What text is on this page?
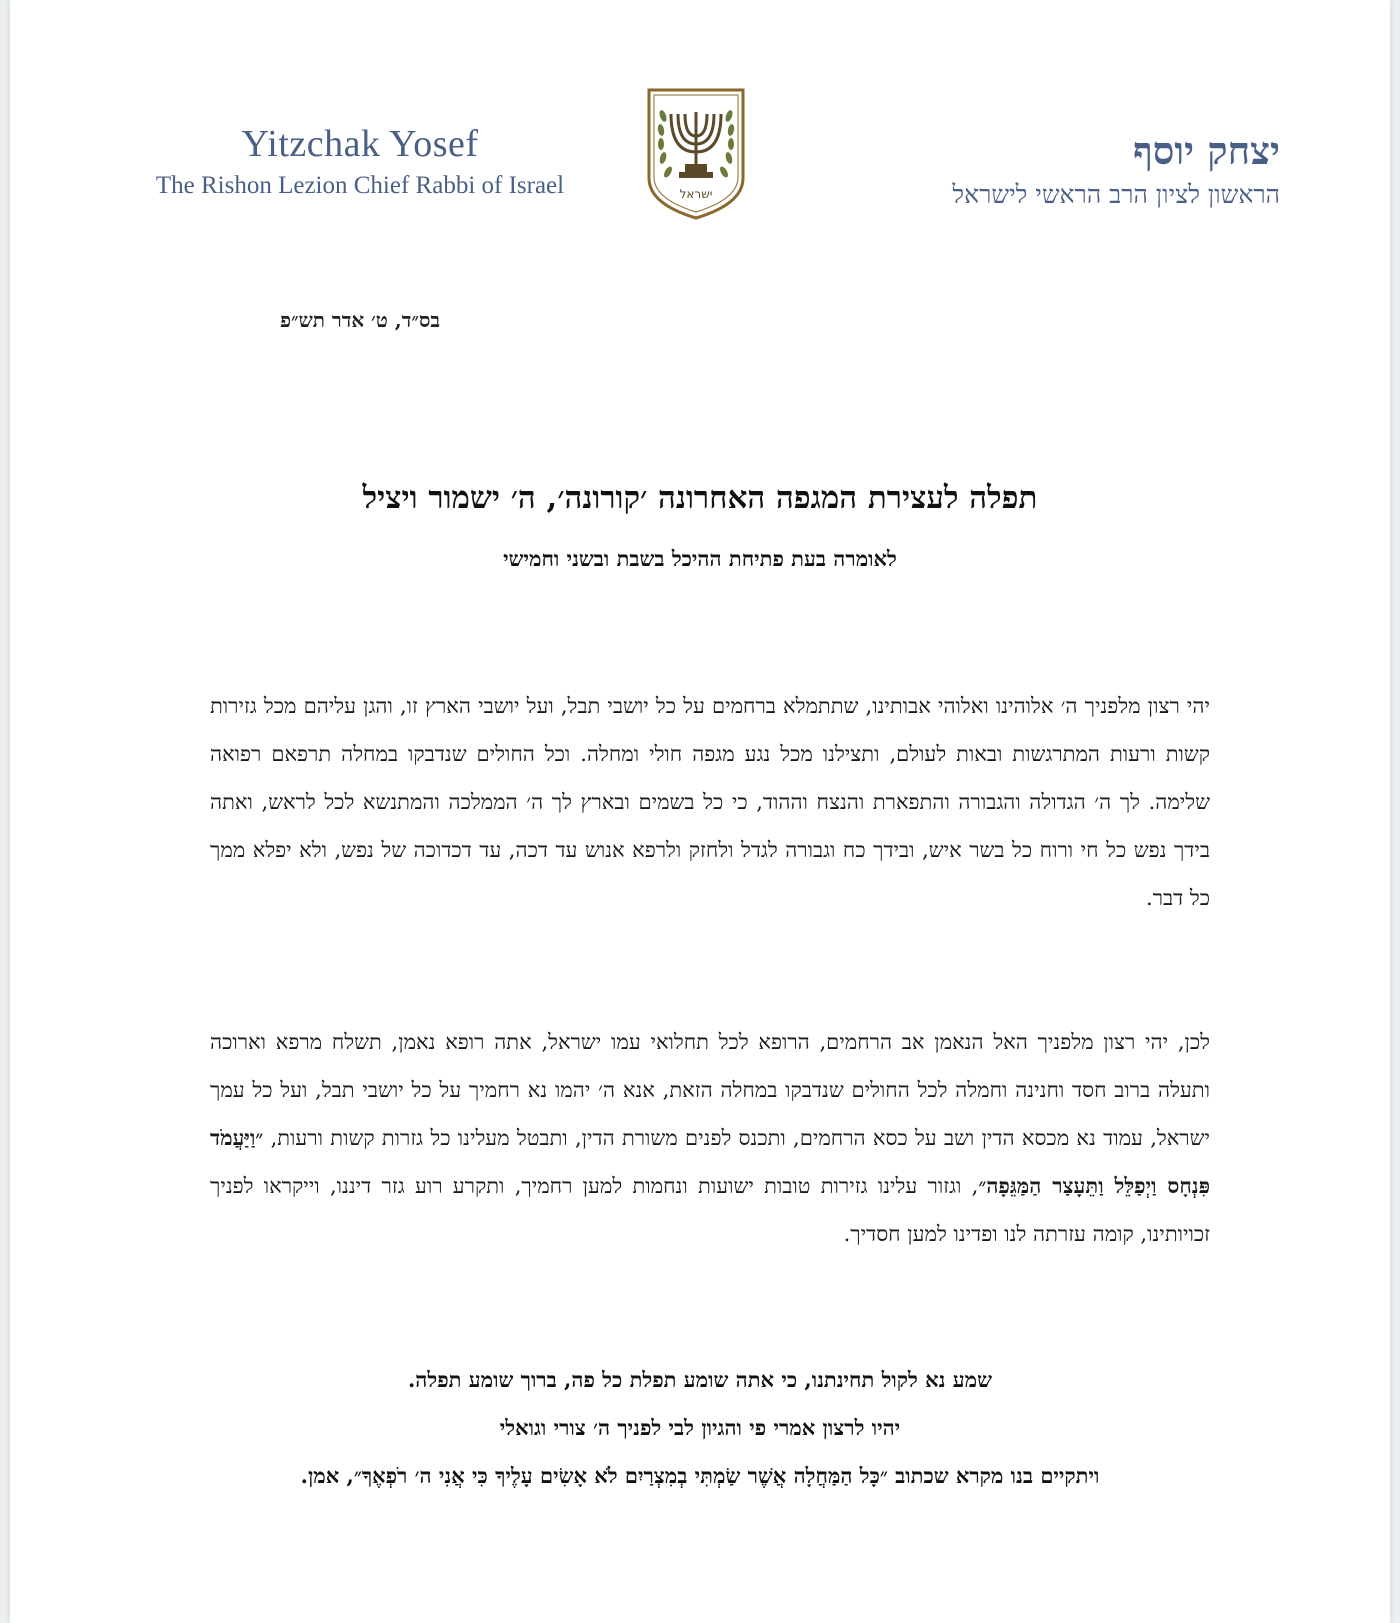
Yitzchak Yosef
The Rishon Lezion Chief Rabbi of Israel	ישראל
יצחק יוסף
הראשון לציון הרב הראשי לישראל
בס״ד, ט׳ אדר תש״פ
תפלה לעצירת המגפה האחרונה ׳קורונה׳, ה׳ ישמור ויציל
לאומרה בעת פתיחת ההיכל בשבת ובשני וחמישי
יהי רצון מלפניך ה׳ אלוהינו ואלוהי אבותינו, שתתמלא ברחמים על כל יושבי תבל, ועל יושבי הארץ זו, והגן עליהם מכל גזירות קשות ורעות המתרגשות ובאות לעולם, ותצילנו מכל נגע מגפה חולי ומחלה. וכל החולים שנדבקו במחלה תרפאם רפואה שלימה. לך ה׳ הגדולה והגבורה והתפארת והנצח וההוד, כי כל בשמים ובארץ לך ה׳ הממלכה והמתנשא לכל לראש, ואתה בידך נפש כל חי ורוח כל בשר איש, ובידך כח וגבורה לגדל ולחזק ולרפא אנוש עד דכה, עד דכדוכה של נפש, ולא יפלא ממך כל דבר.
לכן, יהי רצון מלפניך האל הנאמן אב הרחמים, הרופא לכל תחלואי עמו ישראל, אתה רופא נאמן, תשלח מרפא וארוכה ותעלה ברוב חסד וחנינה וחמלה לכל החולים שנדבקו במחלה הזאת, אנא ה׳ יהמו נא רחמיך על כל יושבי תבל, ועל כל עמך ישראל, עמוד נא מכסא הדין ושב על כסא הרחמים, ותכנס לפנים משורת הדין, ותבטל מעלינו כל גזרות קשות ורעות, ״וַיַּעֲמֹד פִּנְחָס וַיְפַלֵּל וַתֵּעָצַר הַמַּגֵּפָה״, וגזור עלינו גזירות טובות ישועות ונחמות למען רחמיך, ותקרע רוע גזר דיננו, וייקראו לפניך זכויותינו, קומה עזרתה לנו ופדינו למען חסדיך.
שמע נא לקול תחינתנו, כי אתה שומע תפלת כל פה, ברוך שומע תפלה.
יהיו לרצון אמרי פי והגיון לבי לפניך ה׳ צורי וגואלי
ויתקיים בנו מקרא שכתוב ״כָּל הַמַּחֲלָה אֲשֶׁר שַׂמְתִּי בְמִצְרַיִם לֹא אָשִׂים עָלֶיךָ כִּי אֲנִי ה׳ רֹפְאֶךָ״, אמן.
